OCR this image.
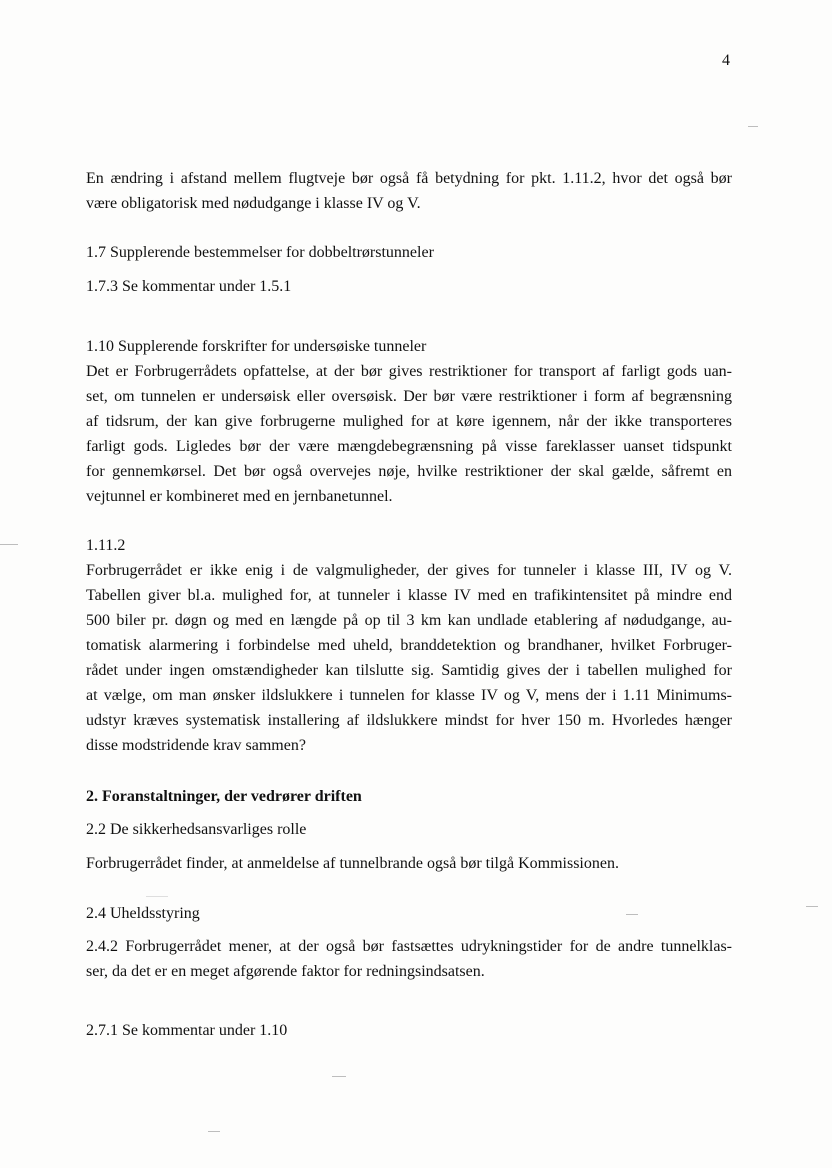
4
En ændring i afstand mellem flugtveje bør også få betydning for pkt. 1.11.2, hvor det også bør
være obligatorisk med nødudgange i klasse IV og V.
1.7 Supplerende bestemmelser for dobbeltrørstunneler
1.7.3 Se kommentar under 1.5.1
1.10 Supplerende forskrifter for undersøiske tunneler
Det er Forbrugerrådets opfattelse, at der bør gives restriktioner for transport af farligt gods uan-
set, om tunnelen er undersøisk eller oversøisk. Der bør være restriktioner i form af begrænsning
af tidsrum, der kan give forbrugerne mulighed for at køre igennem, når der ikke transporteres
farligt gods. Ligledes bør der være mængdebegrænsning på visse fareklasser uanset tidspunkt
for gennemkørsel. Det bør også overvejes nøje, hvilke restriktioner der skal gælde, såfremt en
vejtunnel er kombineret med en jernbanetunnel.
1.11.2
Forbrugerrådet er ikke enig i de valgmuligheder, der gives for tunneler i klasse III, IV og V.
Tabellen giver bl.a. mulighed for, at tunneler i klasse IV med en trafikintensitet på mindre end
500 biler pr. døgn og med en længde på op til 3 km kan undlade etablering af nødudgange, au-
tomatisk alarmering i forbindelse med uheld, branddetektion og brandhaner, hvilket Forbruger-
rådet under ingen omstændigheder kan tilslutte sig. Samtidig gives der i tabellen mulighed for
at vælge, om man ønsker ildslukkere i tunnelen for klasse IV og V, mens der i 1.11 Minimums-
udstyr kræves systematisk installering af ildslukkere mindst for hver 150 m. Hvorledes hænger
disse modstridende krav sammen?
2. Foranstaltninger, der vedrører driften
2.2 De sikkerhedsansvarliges rolle
Forbrugerrådet finder, at anmeldelse af tunnelbrande også bør tilgå Kommissionen.
2.4 Uheldsstyring
2.4.2 Forbrugerrådet mener, at der også bør fastsættes udrykningstider for de andre tunnelklas-
ser, da det er en meget afgørende faktor for redningsindsatsen.
2.7.1 Se kommentar under 1.10
